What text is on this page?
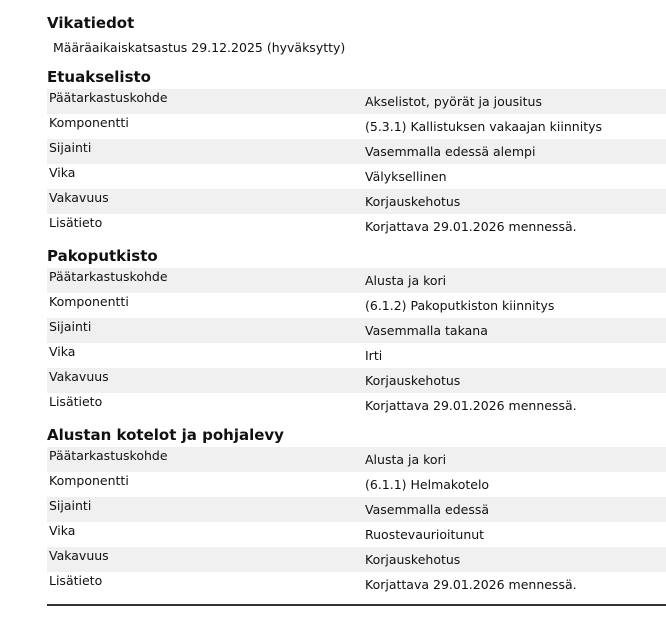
Vikatiedot
Määräaikaiskatsastus 29.12.2025 (hyväksytty)
Etuakselisto
Päätarkastuskohde	Akselistot, pyörät ja jousitus
Komponentti	(5.3.1) Kallistuksen vakaajan kiinnitys
Sijainti	Vasemmalla edessä alempi
Vika	Välyksellinen
Vakavuus	Korjauskehotus
Lisätieto	Korjattava 29.01.2026 mennessä.
Pakoputkisto
Päätarkastuskohde	Alusta ja kori
Komponentti	(6.1.2) Pakoputkiston kiinnitys
Sijainti	Vasemmalla takana
Vika	Irti
Vakavuus	Korjauskehotus
Lisätieto	Korjattava 29.01.2026 mennessä.
Alustan kotelot ja pohjalevy
Päätarkastuskohde	Alusta ja kori
Komponentti	(6.1.1) Helmakotelo
Sijainti	Vasemmalla edessä
Vika	Ruostevaurioitunut
Vakavuus	Korjauskehotus
Lisätieto	Korjattava 29.01.2026 mennessä.
